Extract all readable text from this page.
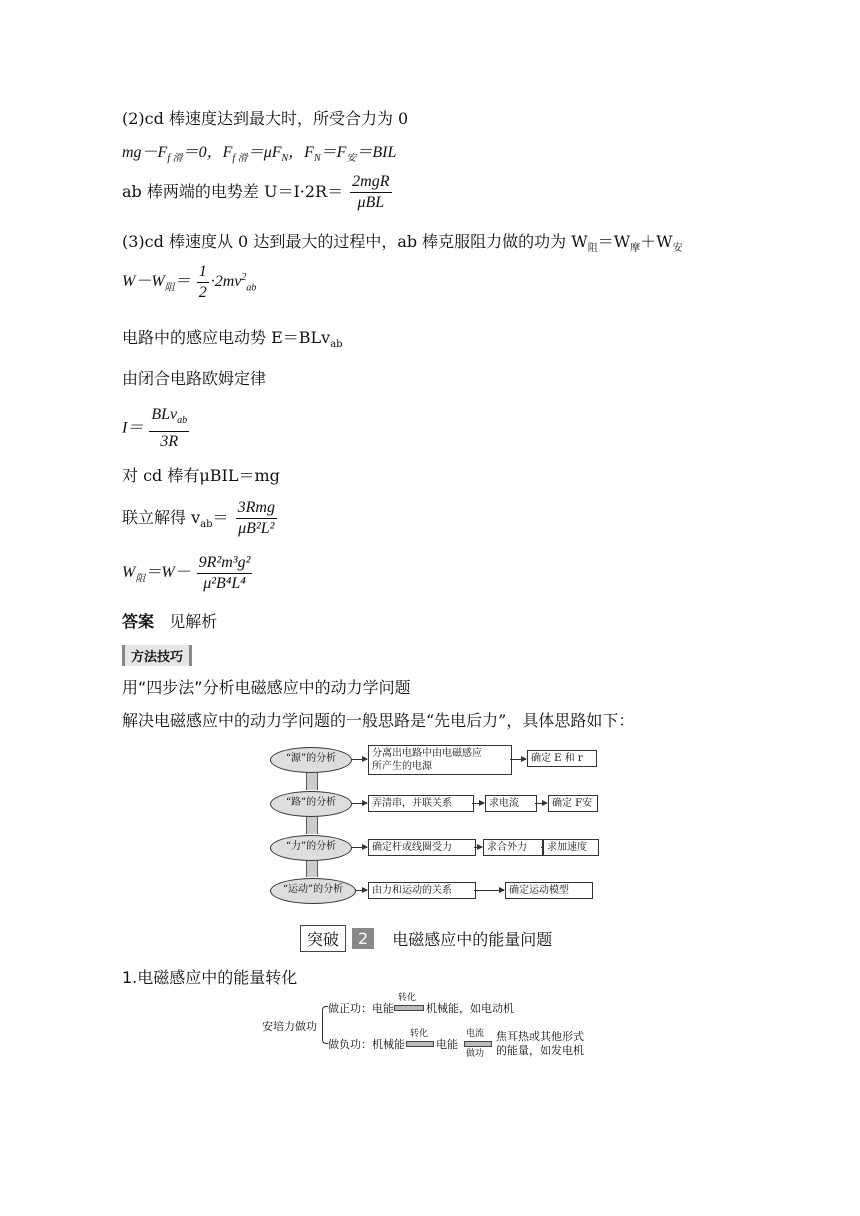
(2)cd 棒速度达到最大时，所受合力为 0
$mg-F_{f 滑}=0$，$F_{f 滑}=\mu F_N$，$F_N=F_安=BIL$
ab 棒两端的电势差 $U=I\cdot 2R= \frac{\text{2mgR}}{\text{μBL}}$
(3)cd 棒速度从 0 达到最大的过程中，ab 棒克服阻力做的功为 $W_阻=W_摩+W_安$
$W-W_阻= \frac{1}{2} \cdot 2mv^2_{ab}$
电路中的感应电动势 E＝BLv$_{ab}$
由闭合电路欧姆定律
$I= \frac{BLv_{ab}}{3R}$
对 cd 棒有μBIL＝mg
联立解得 $v_{ab}= \frac{\text{3Rmg}}{\text{μB²L²}}$
$W_阻=W- \frac{\text{9R²m³g²}}{\text{μ²B⁴L⁴}}$
答案 见解析
方法技巧
用“四步法”分析电磁感应中的动力学问题
解决电磁感应中的动力学问题的一般思路是“先电后力”，具体思路如下：
“源”的分析
“路”的分析
“力”的分析
“运动”的分析
分离出电路中由电磁感应
所产生的电源
确定 E 和 r
弄清串，并联关系	求电流	确定 F安
确定杆或线圈受力	求合外力	求加速度
由力和运动的关系	确定运动模型
突破	2	电磁感应中的能量问题
1.电磁感应中的能量转化
安培力做功
做正功：电能
转化
机械能，如电动机
做负功：机械能
转化
电能
电流
做功
焦耳热或其他形式
的能量，如发电机
